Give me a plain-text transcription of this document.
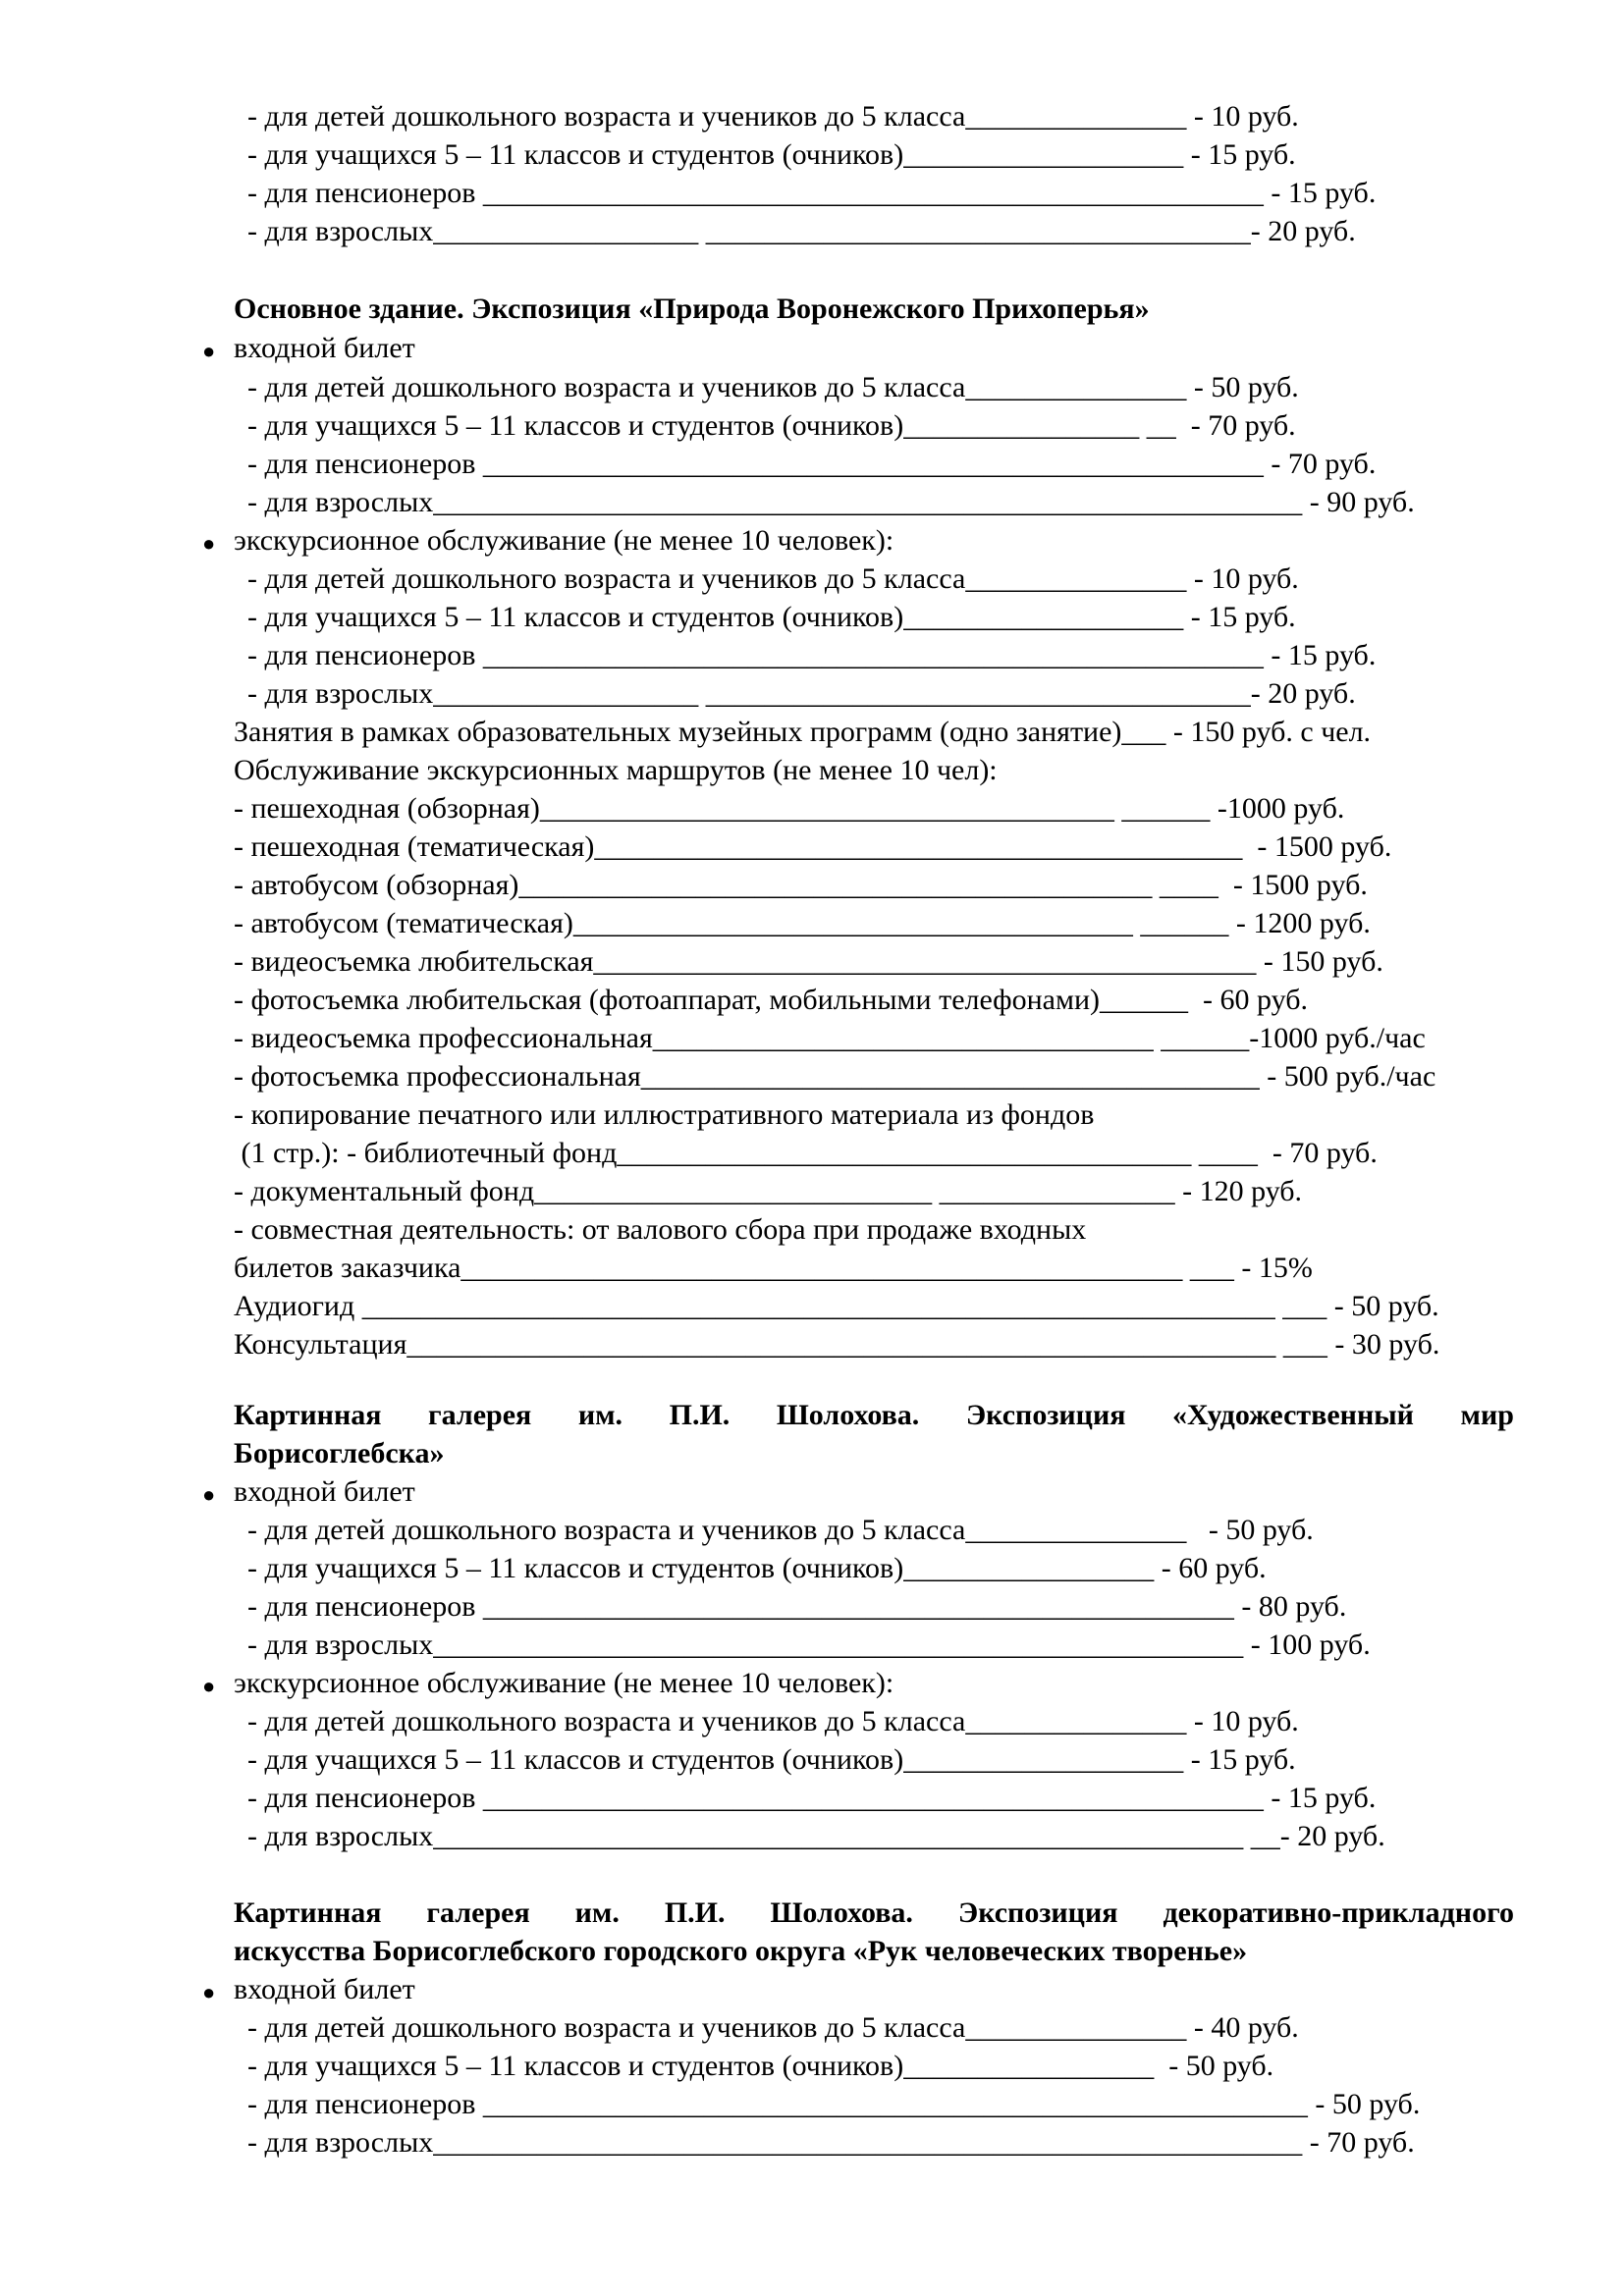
- для детей дошкольного возраста и учеников до 5 класса_______________ - 10 руб.
- для учащихся 5 – 11 классов и студентов (очников)___________________ - 15 руб.
- для пенсионеров _____________________________________________________ - 15 руб.
- для взрослых__________________ _____________________________________- 20 руб.
Основное здание. Экспозиция «Природа Воронежского Прихоперья»
● входной билет
- для детей дошкольного возраста и учеников до 5 класса_______________ - 50 руб.
- для учащихся 5 – 11 классов и студентов (очников)________________ __  - 70 руб.
- для пенсионеров _____________________________________________________ - 70 руб.
- для взрослых___________________________________________________________ - 90 руб.
● экскурсионное обслуживание (не менее 10 человек):
- для детей дошкольного возраста и учеников до 5 класса_______________ - 10 руб.
- для учащихся 5 – 11 классов и студентов (очников)___________________ - 15 руб.
- для пенсионеров _____________________________________________________ - 15 руб.
- для взрослых__________________ _____________________________________- 20 руб.
Занятия в рамках образовательных музейных программ (одно занятие)___ - 150 руб. с чел.
Обслуживание экскурсионных маршрутов (не менее 10 чел):
- пешеходная (обзорная)_______________________________________ ______ -1000 руб.
- пешеходная (тематическая)____________________________________________  - 1500 руб.
- автобусом (обзорная)___________________________________________ ____  - 1500 руб.
- автобусом (тематическая)______________________________________ ______ - 1200 руб.
- видеосъемка любительская_____________________________________________ - 150 руб.
- фотосъемка любительская (фотоаппарат, мобильными телефонами)______  - 60 руб.
- видеосъемка профессиональная__________________________________ ______-1000 руб./час
- фотосъемка профессиональная__________________________________________ - 500 руб./час
- копирование печатного или иллюстративного материала из фондов
(1 стр.): - библиотечный фонд_______________________________________ ____  - 70 руб.
- документальный фонд___________________________ ________________ - 120 руб.
- совместная деятельность: от валового сбора при продаже входных
билетов заказчика_________________________________________________ ___ - 15%
Аудиогид ______________________________________________________________ ___ - 50 руб.
Консультация___________________________________________________________ ___ - 30 руб.
Картинная галерея им. П.И. Шолохова. Экспозиция «Художественный мир
Борисоглебска»
● входной билет
- для детей дошкольного возраста и учеников до 5 класса_______________   - 50 руб.
- для учащихся 5 – 11 классов и студентов (очников)_________________ - 60 руб.
- для пенсионеров ___________________________________________________ - 80 руб.
- для взрослых_______________________________________________________ - 100 руб.
● экскурсионное обслуживание (не менее 10 человек):
- для детей дошкольного возраста и учеников до 5 класса_______________ - 10 руб.
- для учащихся 5 – 11 классов и студентов (очников)___________________ - 15 руб.
- для пенсионеров _____________________________________________________ - 15 руб.
- для взрослых_______________________________________________________ __- 20 руб.
Картинная галерея им. П.И. Шолохова. Экспозиция декоративно-прикладного
искусства Борисоглебского городского округа «Рук человеческих творенье»
● входной билет
- для детей дошкольного возраста и учеников до 5 класса_______________ - 40 руб.
- для учащихся 5 – 11 классов и студентов (очников)_________________  - 50 руб.
- для пенсионеров ________________________________________________________ - 50 руб.
- для взрослых___________________________________________________________ - 70 руб.
